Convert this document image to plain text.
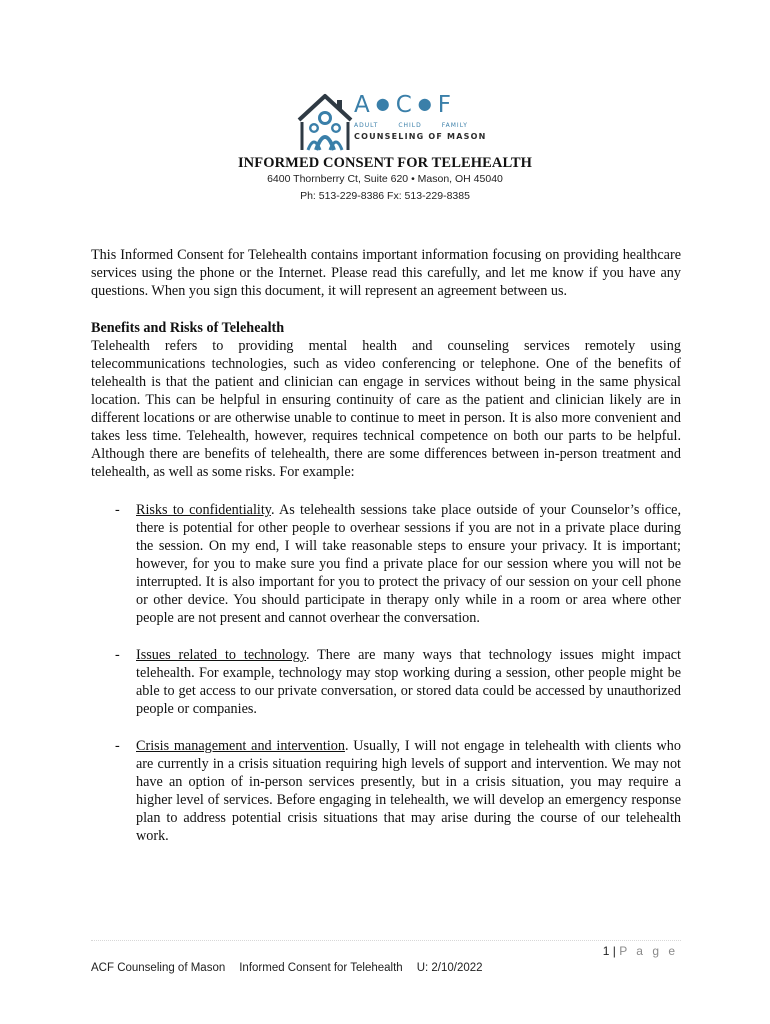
A ● C ● F
ADULT	CHILD	FAMILY
COUNSELING OF MASON
INFORMED CONSENT FOR TELEHEALTH
6400 Thornberry Ct, Suite 620 • Mason, OH 45040
Ph: 513-229-8386 Fx: 513-229-8385

This Informed Consent for Telehealth contains important information focusing on providing healthcare services using the phone or the Internet. Please read this carefully, and let me know if you have any questions. When you sign this document, it will represent an agreement between us.

Benefits and Risks of Telehealth

Telehealth refers to providing mental health and counseling services remotely using telecommunications technologies, such as video conferencing or telephone. One of the benefits of telehealth is that the patient and clinician can engage in services without being in the same physical location. This can be helpful in ensuring continuity of care as the patient and clinician likely are in different locations or are otherwise unable to continue to meet in person. It is also more convenient and takes less time. Telehealth, however, requires technical competence on both our parts to be helpful. Although there are benefits of telehealth, there are some differences between in-person treatment and telehealth, as well as some risks. For example:

- Risks to confidentiality. As telehealth sessions take place outside of your Counselor’s office, there is potential for other people to overhear sessions if you are not in a private place during the session. On my end, I will take reasonable steps to ensure your privacy. It is important; however, for you to make sure you find a private place for our session where you will not be interrupted. It is also important for you to protect the privacy of our session on your cell phone or other device. You should participate in therapy only while in a room or area where other people are not present and cannot overhear the conversation.
- Issues related to technology. There are many ways that technology issues might impact telehealth. For example, technology may stop working during a session, other people might be able to get access to our private conversation, or stored data could be accessed by unauthorized people or companies.
- Crisis management and intervention. Usually, I will not engage in telehealth with clients who are currently in a crisis situation requiring high levels of support and intervention. We may not have an option of in-person services presently, but in a crisis situation, you may require a higher level of services. Before engaging in telehealth, we will develop an emergency response plan to address potential crisis situations that may arise during the course of our telehealth work.
1 | P a g e
ACF Counseling of Mason Informed Consent for Telehealth U: 2/10/2022
